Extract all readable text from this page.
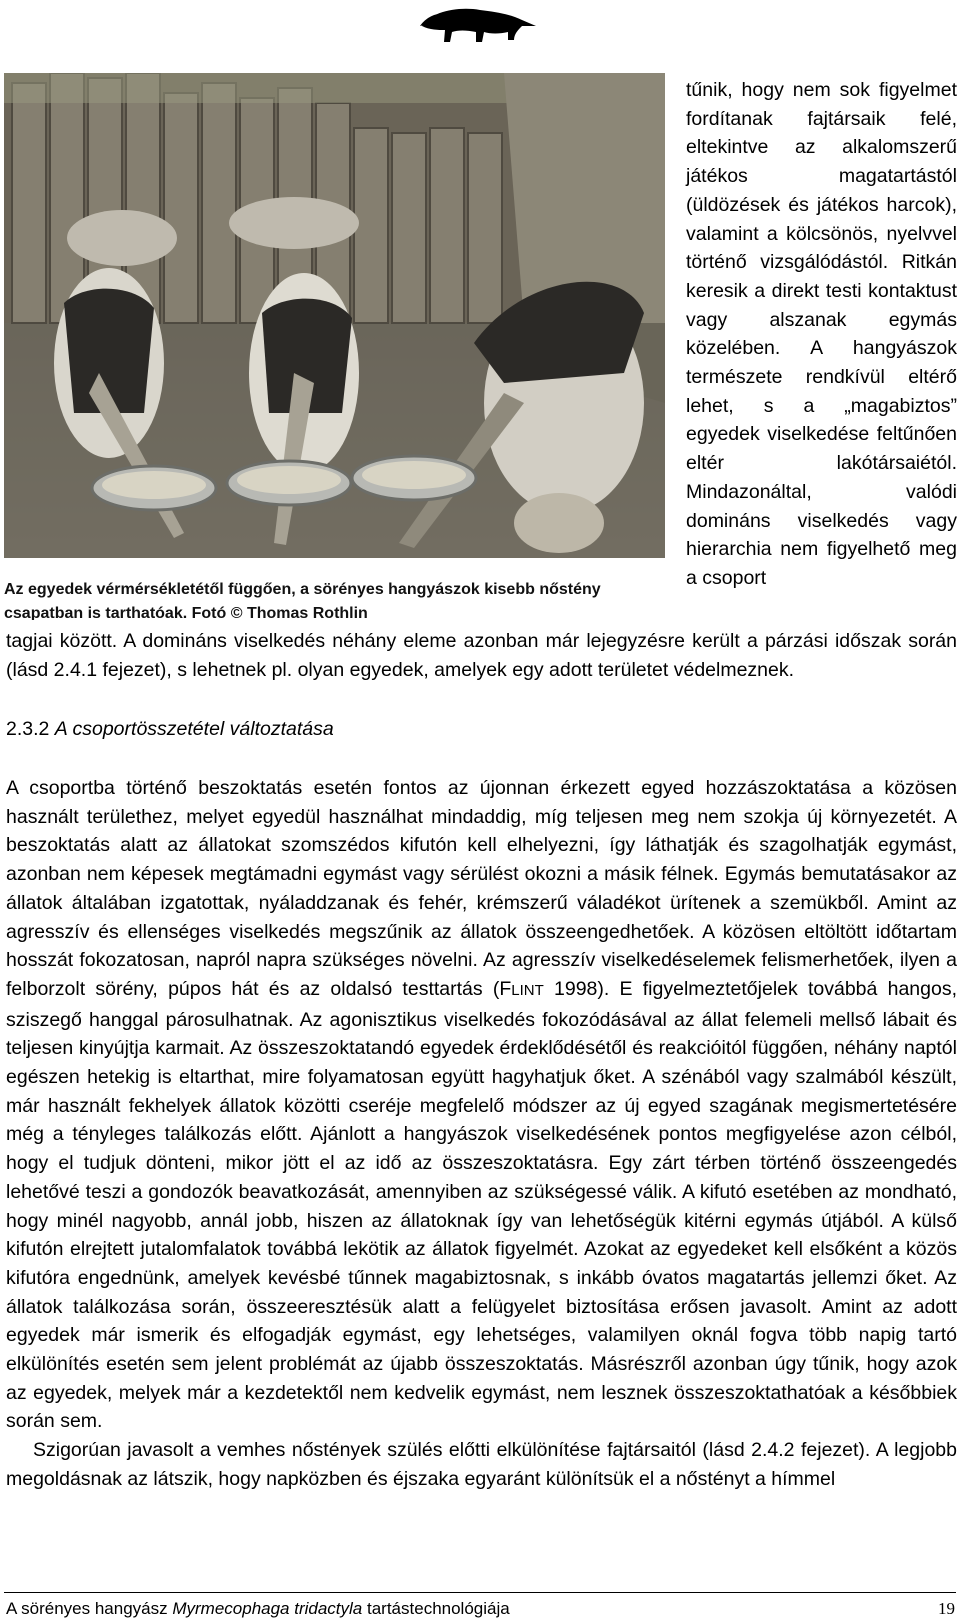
Az egyedek vérmérsékletétől függően, a sörényes hangyászok kisebb nőstény
csapatban is tarthatóak. Fotó © Thomas Rothlin

tűnik, hogy nem sok figyelmet fordítanak fajtársaik felé, eltekintve az alkalomszerű játékos magatartástól (üldözések és játékos harcok), valamint a kölcsönös, nyelvvel történő vizsgálódástól. Ritkán keresik a direkt testi kontaktust vagy alszanak egymás közelében. A hangyászok természete rendkívül eltérő lehet, s a „magabiztos” egyedek viselkedése feltűnően eltér lakótársaiétól. Mindazonáltal, valódi domináns viselkedés vagy hierarchia nem figyelhető meg a csoport

tagjai között. A domináns viselkedés néhány eleme azonban már lejegyzésre került a párzási időszak során (lásd 2.4.1 fejezet), s lehetnek pl. olyan egyedek, amelyek egy adott területet védelmeznek.

2.3.2 A csoportösszetétel változtatása

A csoportba történő beszoktatás esetén fontos az újonnan érkezett egyed hozzászoktatása a közösen használt területhez, melyet egyedül használhat mindaddig, míg teljesen meg nem szokja új környezetét. A beszoktatás alatt az állatokat szomszédos kifutón kell elhelyezni, így láthatják és szagolhatják egymást, azonban nem képesek megtámadni egymást vagy sérülést okozni a másik félnek. Egymás bemutatásakor az állatok általában izgatottak, nyáladdzanak és fehér, krémszerű váladékot ürítenek a szemükből. Amint az agresszív és ellenséges viselkedés megszűnik az állatok összeengedhetőek. A közösen eltöltött időtartam hosszát fokozatosan, napról napra szükséges növelni. Az agresszív viselkedéselemek felismerhetőek, ilyen a felborzolt sörény, púpos hát és az oldalsó testtartás (FLINT 1998). E figyelmeztetőjelek továbbá hangos, sziszegő hanggal párosulhatnak. Az agonisztikus viselkedés fokozódásával az állat felemeli mellső lábait és teljesen kinyújtja karmait. Az összeszoktatandó egyedek érdeklődésétől és reakcióitól függően, néhány naptól egészen hetekig is eltarthat, mire folyamatosan együtt hagyhatjuk őket. A szénából vagy szalmából készült, már használt fekhelyek állatok közötti cseréje megfelelő módszer az új egyed szagának megismertetésére még a tényleges találkozás előtt. Ajánlott a hangyászok viselkedésének pontos megfigyelése azon célból, hogy el tudjuk dönteni, mikor jött el az idő az összeszoktatásra. Egy zárt térben történő összeengedés lehetővé teszi a gondozók beavatkozását, amennyiben az szükségessé válik. A kifutó esetében az mondható, hogy minél nagyobb, annál jobb, hiszen az állatoknak így van lehetőségük kitérni egymás útjából. A külső kifutón elrejtett jutalomfalatok továbbá lekötik az állatok figyelmét. Azokat az egyedeket kell elsőként a közös kifutóra engednünk, amelyek kevésbé tűnnek magabiztosnak, s inkább óvatos magatartás jellemzi őket. Az állatok találkozása során, összeeresztésük alatt a felügyelet biztosítása erősen javasolt. Amint az adott egyedek már ismerik és elfogadják egymást, egy lehetséges, valamilyen oknál fogva több napig tartó elkülönítés esetén sem jelent problémát az újabb összeszoktatás. Másrészről azonban úgy tűnik, hogy azok az egyedek, melyek már a kezdetektől nem kedvelik egymást, nem lesznek összeszoktathatóak a későbbiek során sem.

Szigorúan javasolt a vemhes nőstények szülés előtti elkülönítése fajtársaitól (lásd 2.4.2 fejezet). A legjobb megoldásnak az látszik, hogy napközben és éjszaka egyaránt különítsük el a nőstényt a hímmel

A sörényes hangyász Myrmecophaga tridactyla tartástechnológiája	19
